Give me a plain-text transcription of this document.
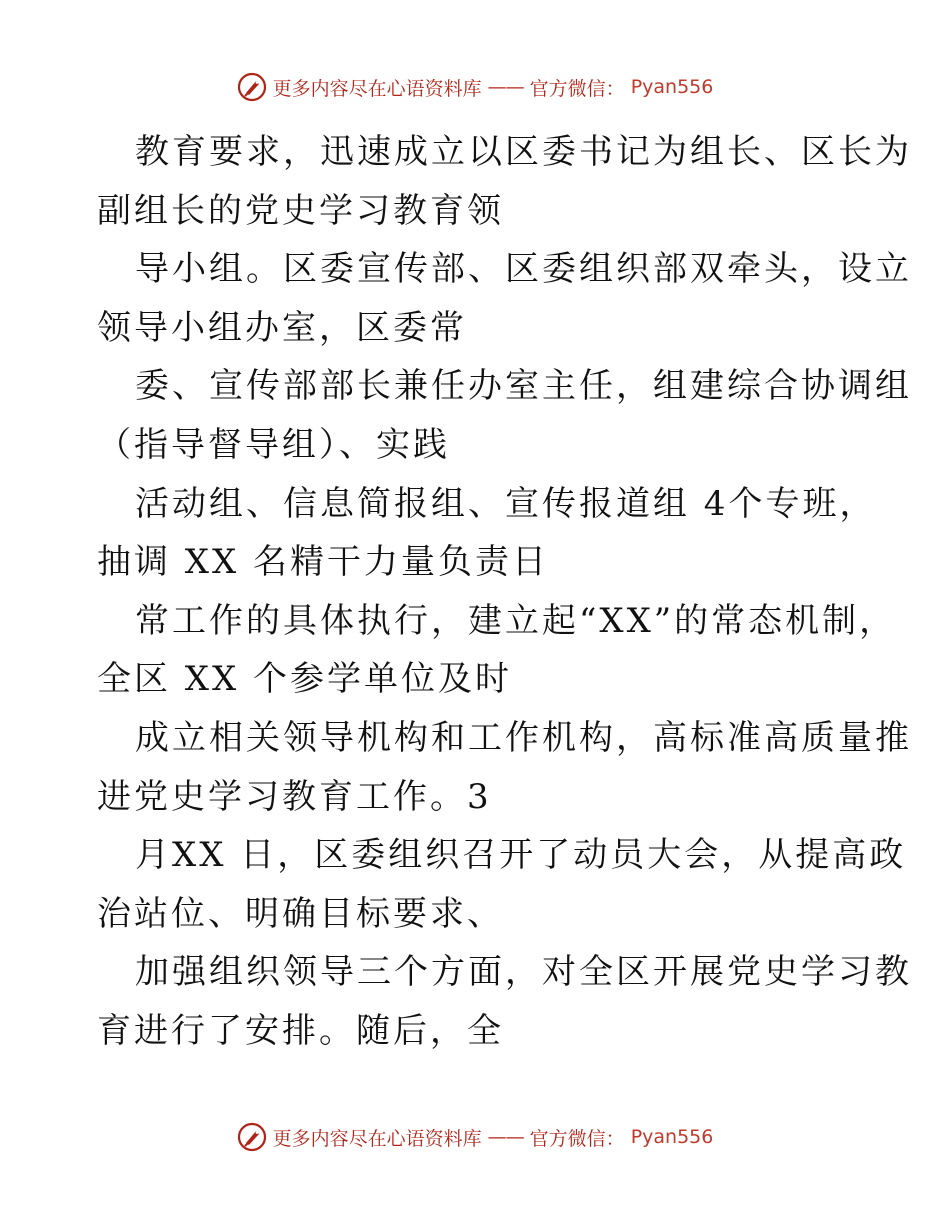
更多内容尽在心语资料库 —— 官方微信： Pyan556
教育要求，迅速成立以区委书记为组长、区长为
副组长的党史学习教育领
导小组。区委宣传部、区委组织部双牵头，设立
领导小组办室，区委常
委、宣传部部长兼任办室主任，组建综合协调组
（指导督导组）、实践
活动组、信息简报组、宣传报道组 4个专班，
抽调 XX 名精干力量负责日
常工作的具体执行，建立起“XX”的常态机制，
全区 XX 个参学单位及时
成立相关领导机构和工作机构，高标准高质量推
进党史学习教育工作。3
月XX 日，区委组织召开了动员大会，从提高政
治站位、明确目标要求、
加强组织领导三个方面，对全区开展党史学习教
育进行了安排。随后，全
更多内容尽在心语资料库 —— 官方微信： Pyan556
